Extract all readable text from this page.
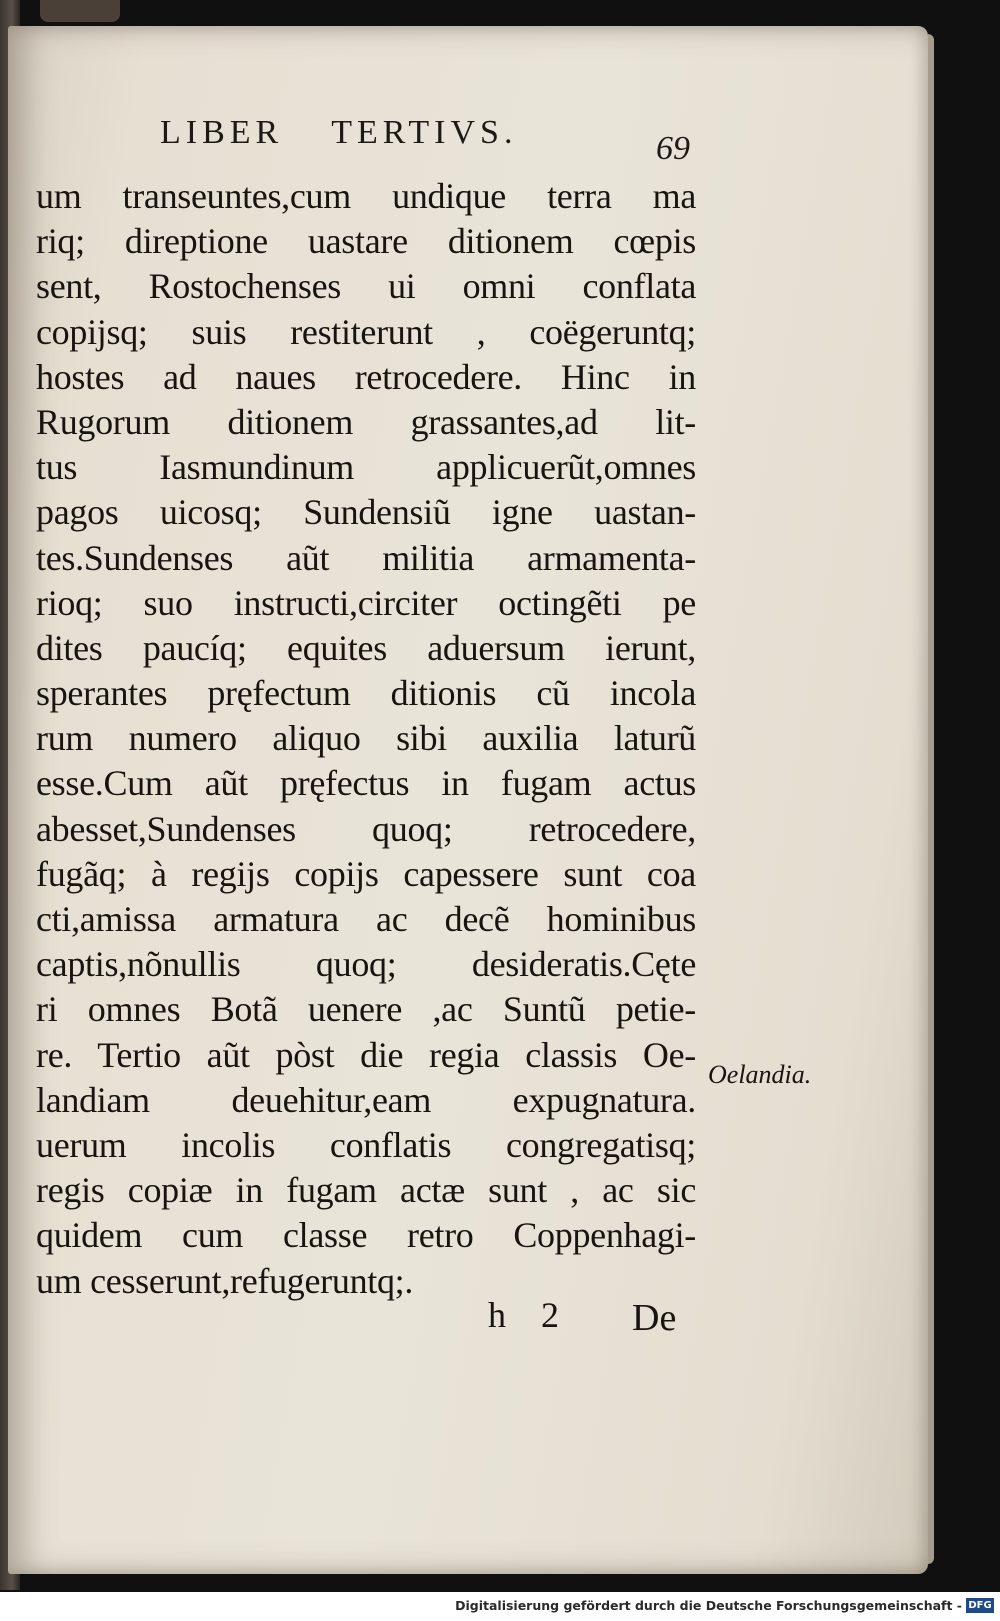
LIBER TERTIVS.	69
um transeuntes,cum undique terra ma
riq; direptione uastare ditionem cœpis
sent, Rostochenses ui omni conflata
copijsq; suis restiterunt , coëgeruntq;
hostes ad naues retrocedere. Hinc in
Rugorum ditionem grassantes,ad lit-
tus Iasmundinum applicuerũt,omnes
pagos uicosq; Sundensiũ igne uastan-
tes.Sundenses aũt militia armamenta-
rioq; suo instructi,circiter octingẽti pe
dites paucíq; equites aduersum ierunt,
sperantes pręfectum ditionis cũ incola
rum numero aliquo sibi auxilia laturũ
esse.Cum aũt pręfectus in fugam actus
abesset,Sundenses quoq; retrocedere,
fugãq; à regijs copijs capessere sunt coa
cti,amissa armatura ac decẽ hominibus
captis,nõnullis quoq; desideratis.Cęte
ri omnes Botã uenere ,ac Suntũ petie-
re. Tertio aũt pòst die regia classis Oe-
landiam deuehitur,eam expugnatura.
uerum incolis conflatis congregatisq;
regis copiæ in fugam actæ sunt , ac sic
quidem cum classe retro Coppenhagi-
um cesserunt,refugeruntq;.
Oelandia.
h 2 De
Digitalisierung gefördert durch die Deutsche Forschungsgemeinschaft - DFG
